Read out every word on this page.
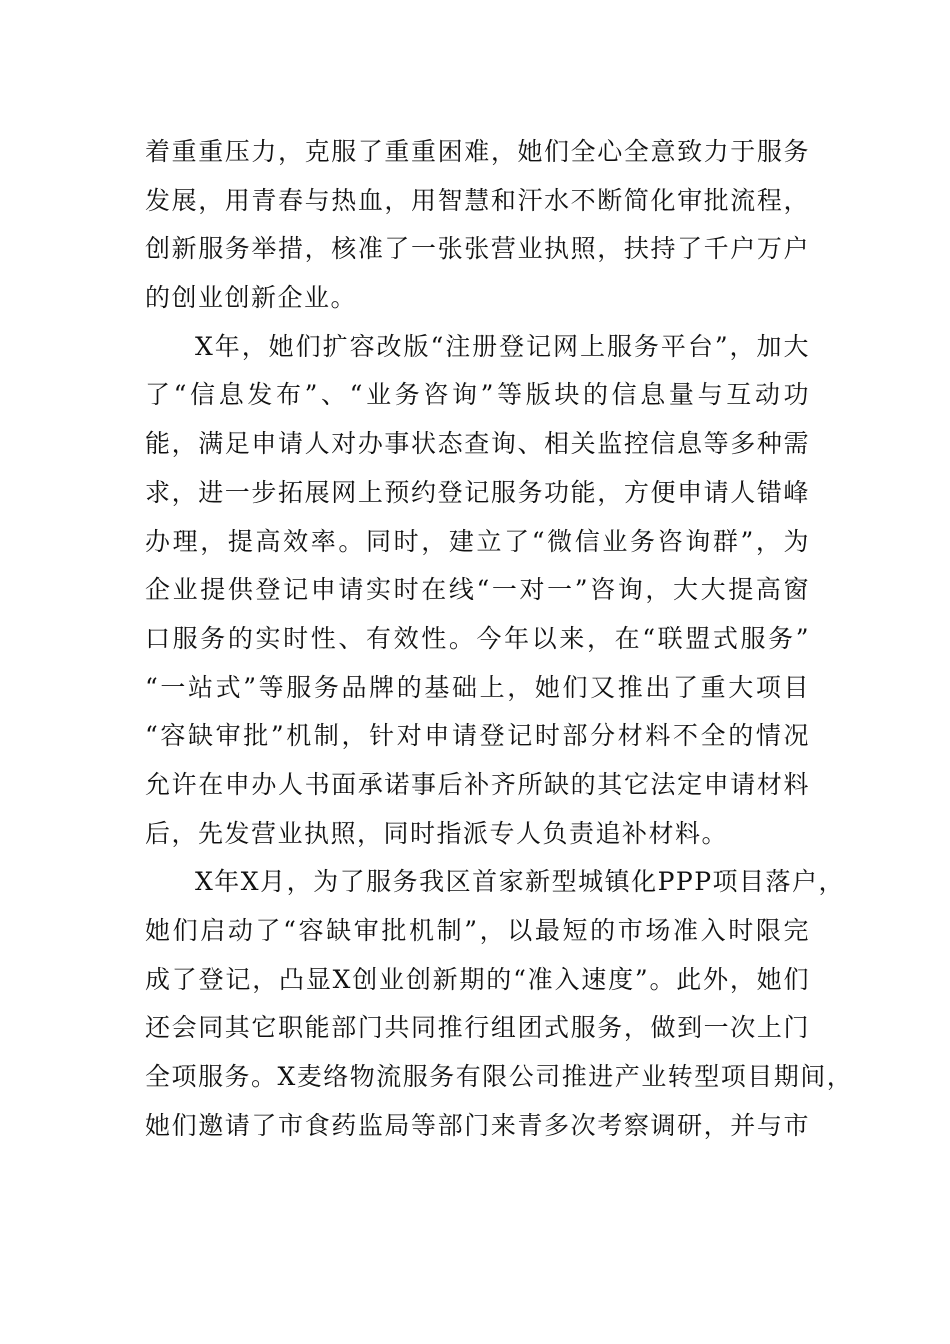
着重重压力，克服了重重困难，她们全心全意致力于服务
发展，用青春与热血，用智慧和汗水不断简化审批流程，
创新服务举措，核准了一张张营业执照，扶持了千户万户
的创业创新企业。
X年，她们扩容改版“注册登记网上服务平台”，加大
了“信息发布”、“业务咨询”等版块的信息量与互动功
能，满足申请人对办事状态查询、相关监控信息等多种需
求，进一步拓展网上预约登记服务功能，方便申请人错峰
办理，提高效率。同时，建立了“微信业务咨询群”，为
企业提供登记申请实时在线“一对一”咨询，大大提高窗
口服务的实时性、有效性。今年以来，在“联盟式服务”
“一站式”等服务品牌的基础上，她们又推出了重大项目
“容缺审批”机制，针对申请登记时部分材料不全的情况
允许在申办人书面承诺事后补齐所缺的其它法定申请材料
后，先发营业执照，同时指派专人负责追补材料。
X年X月，为了服务我区首家新型城镇化PPP项目落户，
她们启动了“容缺审批机制”，以最短的市场准入时限完
成了登记，凸显X创业创新期的“准入速度”。此外，她们
还会同其它职能部门共同推行组团式服务，做到一次上门
全项服务。X麦络物流服务有限公司推进产业转型项目期间，
她们邀请了市食药监局等部门来青多次考察调研，并与市
